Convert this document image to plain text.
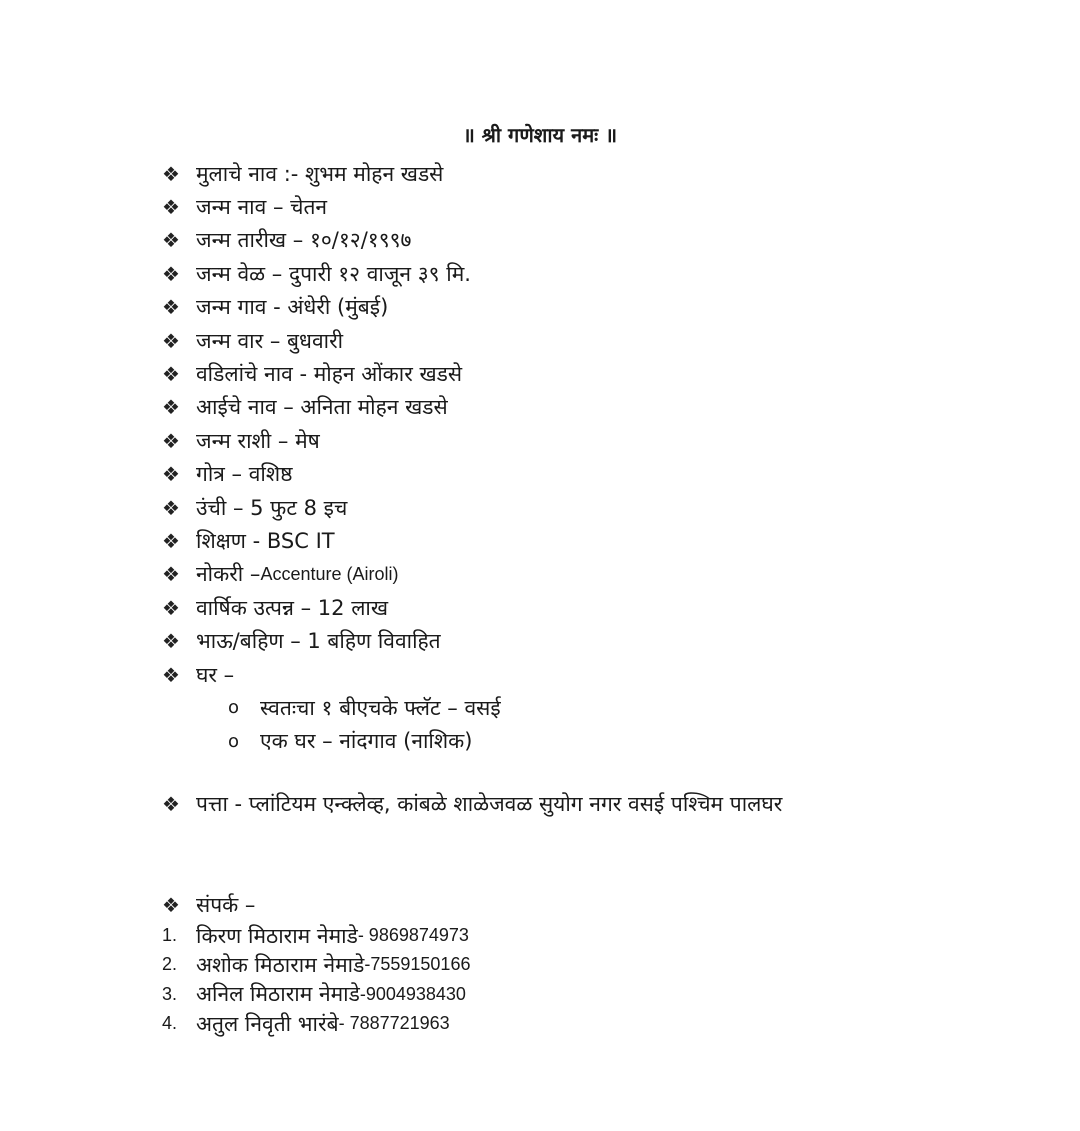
॥ श्री गणेशाय नमः ॥
❖ मुलाचे नाव :- शुभम मोहन खडसे
❖ जन्म नाव – चेतन
❖ जन्म तारीख – १०/१२/१९९७
❖ जन्म वेळ – दुपारी १२ वाजून ३९ मि.
❖ जन्म गाव - अंधेरी (मुंबई)
❖ जन्म वार – बुधवारी
❖ वडिलांचे नाव - मोहन ओंकार खडसे
❖ आईचे नाव – अनिता मोहन खडसे
❖ जन्म राशी – मेष
❖ गोत्र – वशिष्ठ
❖ उंची – 5 फुट 8 इच
❖ शिक्षण - BSC IT
❖ नोकरी – Accenture (Airoli)
❖ वार्षिक उत्पन्न – 12 लाख
❖ भाऊ/बहिण – 1 बहिण विवाहित
❖ घर –
o स्वतःचा १ बीएचके फ्लॅट – वसई
o एक घर – नांदगाव (नाशिक)
❖ पत्ता - प्लांटियम एन्क्लेव्ह, कांबळे शाळेजवळ सुयोग नगर वसई पश्चिम पालघर
❖ संपर्क –
1. किरण मिठाराम नेमाडे - 9869874973
2. अशोक मिठाराम नेमाडे -7559150166
3. अनिल मिठाराम नेमाडे -9004938430
4. अतुल निवृती भारंबे - 7887721963
